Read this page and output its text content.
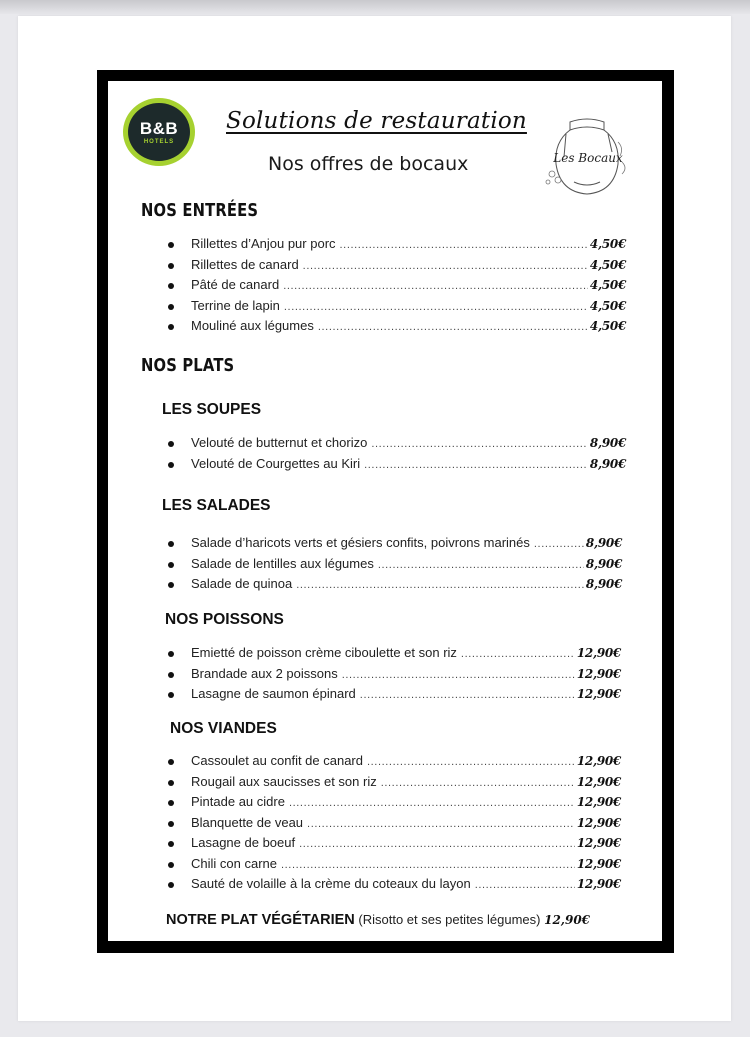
B&B
HOTELS
Solutions de restauration
Nos offres de bocaux	Les Bocaux
NOS ENTRÉES
Rillettes d’Anjou pur porc .....	4,50€
Rillettes de canard .....	4,50€
Pâté de canard .....	4,50€
Terrine de lapin .....	4,50€
Mouliné aux légumes .....	4,50€
NOS PLATS
LES SOUPES
Velouté de butternut et chorizo .....	8,90€
Velouté de Courgettes au Kiri .....	8,90€
LES SALADES
Salade d’haricots verts et gésiers confits, poivrons marinés .....	8,90€
Salade de lentilles aux légumes .....	8,90€
Salade de quinoa .....	8,90€
NOS POISSONS
Emietté de poisson crème ciboulette et son riz .....	12,90€
Brandade aux 2 poissons .....	12,90€
Lasagne de saumon épinard .....	12,90€
NOS VIANDES
Cassoulet au confit de canard .....	12,90€
Rougail aux saucisses et son riz .....	12,90€
Pintade au cidre .....	12,90€
Blanquette de veau .....	12,90€
Lasagne de boeuf .....	12,90€
Chili con carne .....	12,90€
Sauté de volaille à la crème du coteaux du layon .....	12,90€
NOTRE PLAT VÉGÉTARIEN (Risotto et ses petites légumes) 12,90€
